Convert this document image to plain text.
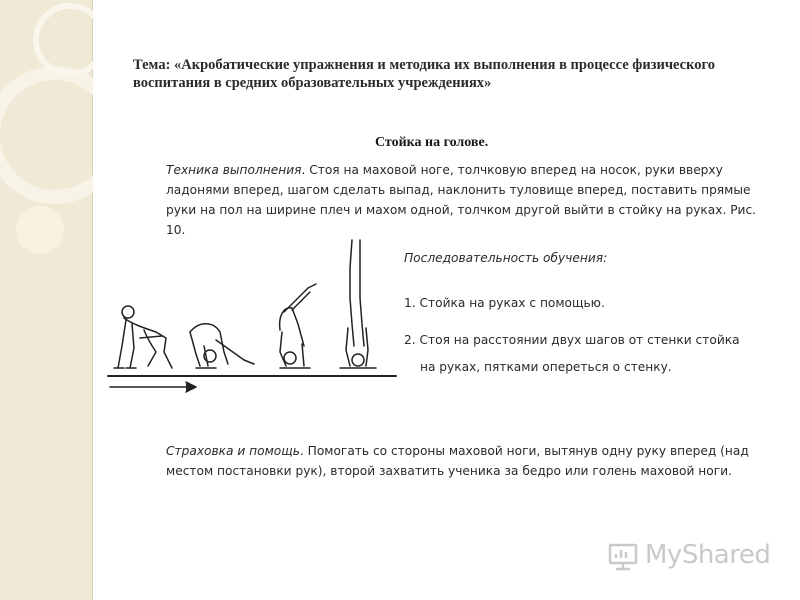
Тема: «Акробатические упражнения и методика их выполнения в процессе физического воспитания в средних образовательных учреждениях»

Стойка на голове.

Техника выполнения. Стоя на маховой ноге, толчковую вперед на носок, руки вверху ладонями вперед, шагом сделать выпад, наклонить туловище вперед, поставить прямые руки на пол на ширине плеч и махом одной, толчком другой выйти в стойку на руках. Рис. 10.

Последовательность обучения:

1. Стойка на руках с помощью.

2. Стоя на расстоянии двух шагов от стенки стойка

на руках, пятками опереться о стенку.

Страховка и помощь. Помогать со стороны маховой ноги, вытянув одну руку вперед (над местом постановки рук), второй захватить ученика за бедро или голень маховой ноги.

MyShared
